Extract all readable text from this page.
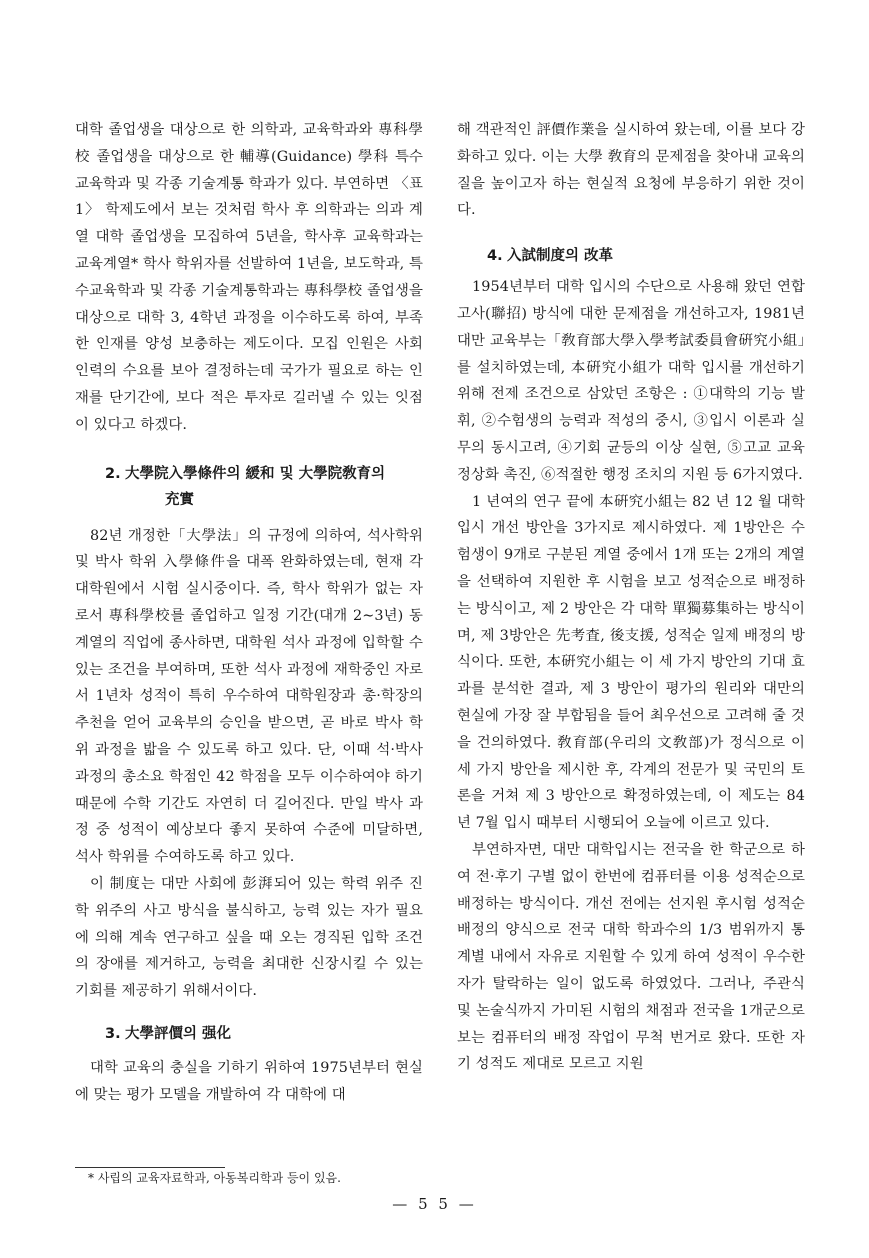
대학 졸업생을 대상으로 한 의학과, 교육학과와 專科學校 졸업생을 대상으로 한 輔導(Guidance) 學科 특수 교육학과 및 각종 기술계통 학과가 있다. 부연하면 〈표 1〉 학제도에서 보는 것처럼 학사 후 의학과는 의과 계열 대학 졸업생을 모집하여 5년을, 학사후 교육학과는 교육계열* 학사 학위자를 선발하여 1년을, 보도학과, 특수교육학과 및 각종 기술계통학과는 專科學校 졸업생을 대상으로 대학 3, 4학년 과정을 이수하도록 하여, 부족한 인재를 양성 보충하는 제도이다. 모집 인원은 사회 인력의 수요를 보아 결정하는데 국가가 필요로 하는 인재를 단기간에, 보다 적은 투자로 길러낼 수 있는 잇점이 있다고 하겠다.

2. 大學院入學條件의 緩和 및 大學院敎育의
充實

82년 개정한「大學法」의 규정에 의하여, 석사학위 및 박사 학위 入學條件을 대폭 완화하였는데, 현재 각 대학원에서 시험 실시중이다. 즉, 학사 학위가 없는 자로서 專科學校를 졸업하고 일정 기간(대개 2∼3년) 동계열의 직업에 종사하면, 대학원 석사 과정에 입학할 수 있는 조건을 부여하며, 또한 석사 과정에 재학중인 자로서 1년차 성적이 특히 우수하여 대학원장과 총·학장의 추천을 얻어 교육부의 승인을 받으면, 곧 바로 박사 학위 과정을 밟을 수 있도록 하고 있다. 단, 이때 석·박사 과정의 총소요 학점인 42 학점을 모두 이수하여야 하기 때문에 수학 기간도 자연히 더 길어진다. 만일 박사 과정 중 성적이 예상보다 좋지 못하여 수준에 미달하면, 석사 학위를 수여하도록 하고 있다.

이 制度는 대만 사회에 彭湃되어 있는 학력 위주 진학 위주의 사고 방식을 불식하고, 능력 있는 자가 필요에 의해 계속 연구하고 싶을 때 오는 경직된 입학 조건의 장애를 제거하고, 능력을 최대한 신장시킬 수 있는 기회를 제공하기 위해서이다.

3. 大學評價의 强化

대학 교육의 충실을 기하기 위하여 1975년부터 현실에 맞는 평가 모델을 개발하여 각 대학에 대

해 객관적인 評價作業을 실시하여 왔는데, 이를 보다 강화하고 있다. 이는 大學 敎育의 문제점을 찾아내 교육의 질을 높이고자 하는 현실적 요청에 부응하기 위한 것이다.

4. 入試制度의 改革

1954년부터 대학 입시의 수단으로 사용해 왔던 연합 고사(聯招) 방식에 대한 문제점을 개선하고자, 1981년 대만 교육부는「敎育部大學入學考試委員會硏究小組」를 설치하였는데, 本硏究小組가 대학 입시를 개선하기 위해 전제 조건으로 삼았던 조항은 : ①대학의 기능 발휘, ②수험생의 능력과 적성의 중시, ③입시 이론과 실무의 동시고려, ④기회 균등의 이상 실현, ⑤고교 교육 정상화 촉진, ⑥적절한 행정 조치의 지원 등 6가지였다.

1 년여의 연구 끝에 本硏究小組는 82 년 12 월 대학 입시 개선 방안을 3가지로 제시하였다. 제 1방안은 수험생이 9개로 구분된 계열 중에서 1개 또는 2개의 계열을 선택하여 지원한 후 시험을 보고 성적순으로 배정하는 방식이고, 제 2 방안은 각 대학 單獨募集하는 방식이며, 제 3방안은 先考査, 後支援, 성적순 일제 배정의 방식이다. 또한, 本硏究小組는 이 세 가지 방안의 기대 효과를 분석한 결과, 제 3 방안이 평가의 원리와 대만의 현실에 가장 잘 부합됨을 들어 최우선으로 고려해 줄 것을 건의하였다. 敎育部(우리의 文敎部)가 정식으로 이 세 가지 방안을 제시한 후, 각계의 전문가 및 국민의 토론을 거쳐 제 3 방안으로 확정하였는데, 이 제도는 84년 7월 입시 때부터 시행되어 오늘에 이르고 있다.

부연하자면, 대만 대학입시는 전국을 한 학군으로 하여 전·후기 구별 없이 한번에 컴퓨터를 이용 성적순으로 배정하는 방식이다. 개선 전에는 선지원 후시험 성적순 배정의 양식으로 전국 대학 학과수의 1/3 범위까지 통계별 내에서 자유로 지원할 수 있게 하여 성적이 우수한 자가 탈락하는 일이 없도록 하였었다. 그러나, 주관식 및 논술식까지 가미된 시험의 채점과 전국을 1개군으로 보는 컴퓨터의 배정 작업이 무척 번거로 왔다. 또한 자기 성적도 제대로 모르고 지원

* 사립의 교육자료학과, 아동복리학과 등이 있음.
— 5 5 —
